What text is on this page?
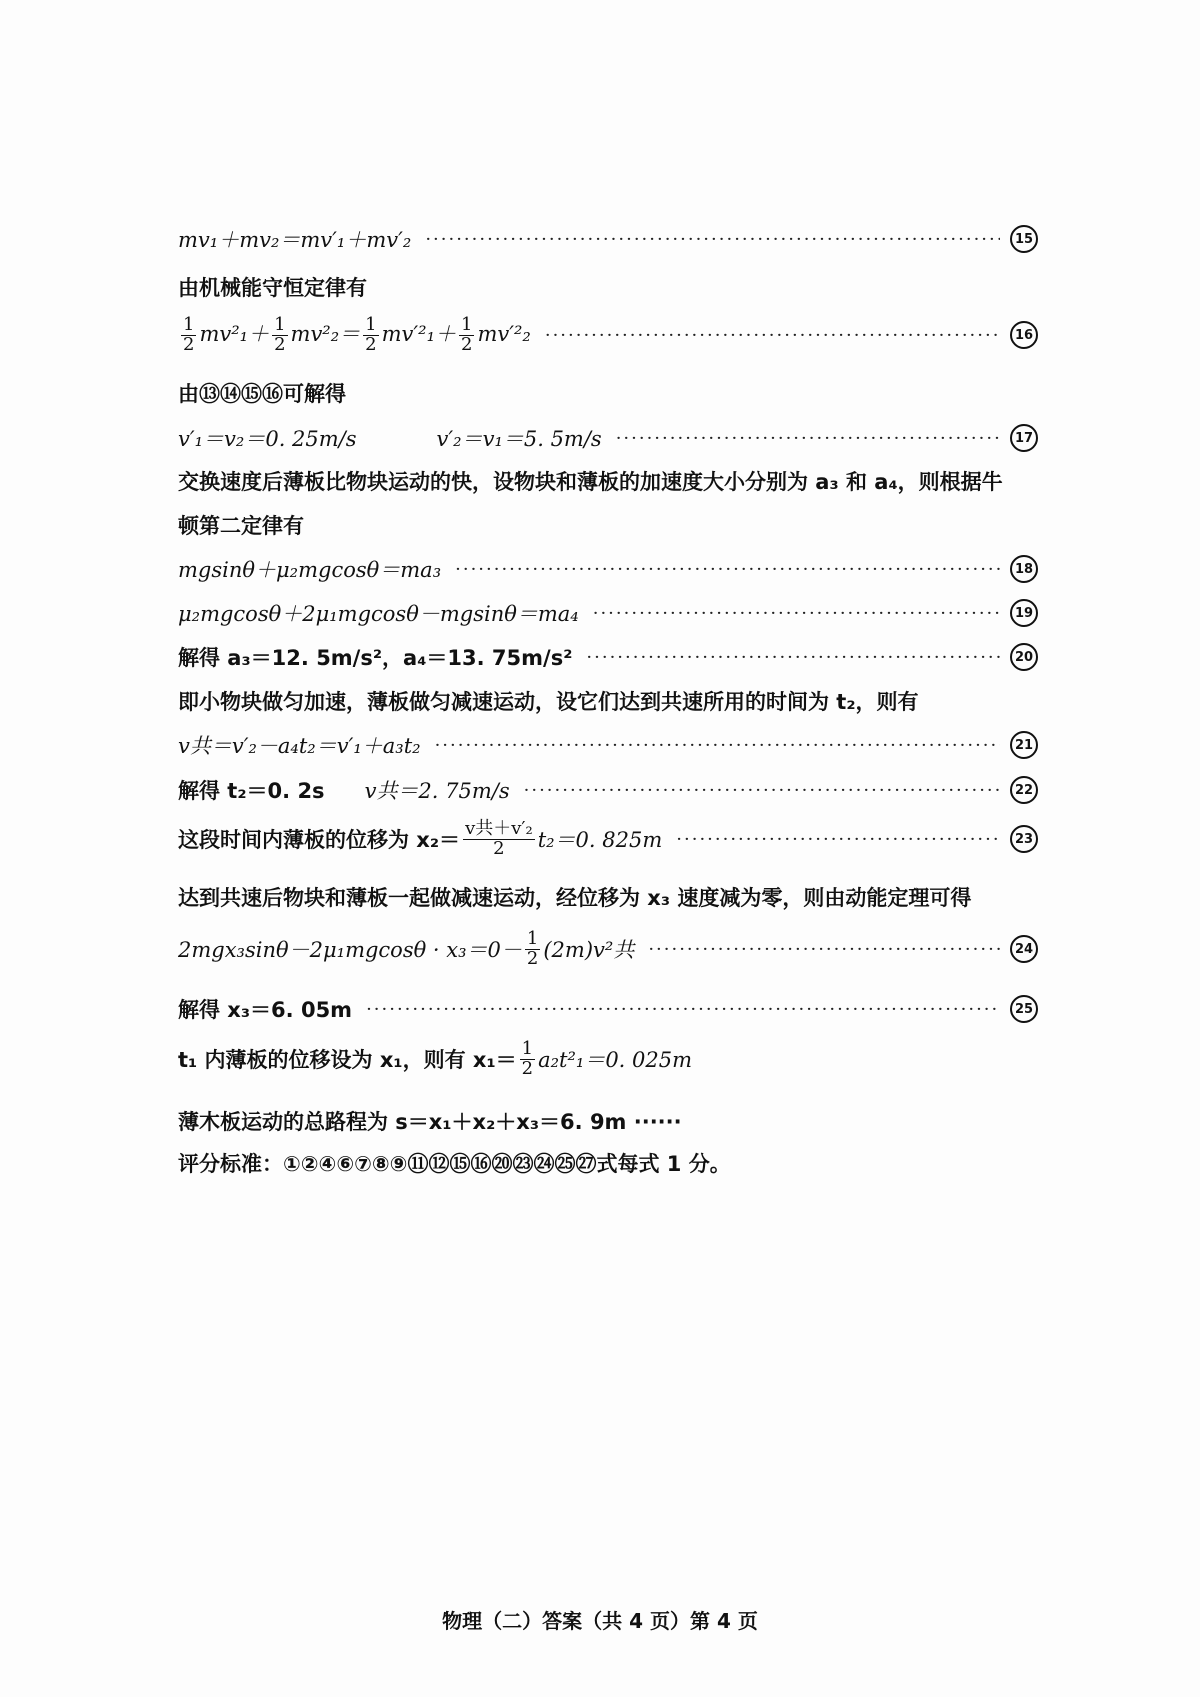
mv₁＋mv₂＝mv′₁＋mv′₂ ·····	15
由机械能守恒定律有
$\frac{1}{2} mv^2_1+ \frac{1}{2} mv^2_2= \frac{1}{2} mv'^2_1+ \frac{1}{2} mv'^2_2$ ·····	16
由⑬⑭⑮⑯可解得
v′₁＝v₂＝0. 25m/s	v′₂＝v₁＝5. 5m/s ·····	17
交换速度后薄板比物块运动的快，设物块和薄板的加速度大小分别为 a₃ 和 a₄，则根据牛
顿第二定律有
mgsinθ＋μ₂mgcosθ＝ma₃ ·····	18
μ₂mgcosθ＋2μ₁mgcosθ－mgsinθ＝ma₄ ·····	19
解得 a₃＝12. 5m/s²，a₄＝13. 75m/s² ·····	20
即小物块做匀加速，薄板做匀减速运动，设它们达到共速所用的时间为 t₂，则有
v共＝v′₂－a₄t₂＝v′₁＋a₃t₂ ·····	21
解得 t₂＝0. 2s v共＝2. 75m/s ·····	22
这段时间内薄板的位移为 $x_2= \frac{\text{v共＋v′₂}}{2} t_2=0$. 825m ·····	23
达到共速后物块和薄板一起做减速运动，经位移为 x₃ 速度减为零，则由动能定理可得
$2mgx_3\sin\theta-2\mu_1mgcos\theta \cdot x_3=0- \frac{1}{2} (2m)v^2$共 ·····	24
解得 x₃＝6. 05m ·····	25
t₁ 内薄板的位移设为 x₁，则有 $x_1= \frac{1}{2} a_2t^2_1=0$. 025m
薄木板运动的总路程为 s＝x₁＋x₂＋x₃＝6. 9m ······
评分标准：①②④⑥⑦⑧⑨⑪⑫⑮⑯⑳㉓㉔㉕㉗式每式 1 分。
物理（二）答案（共 4 页）第 4 页
